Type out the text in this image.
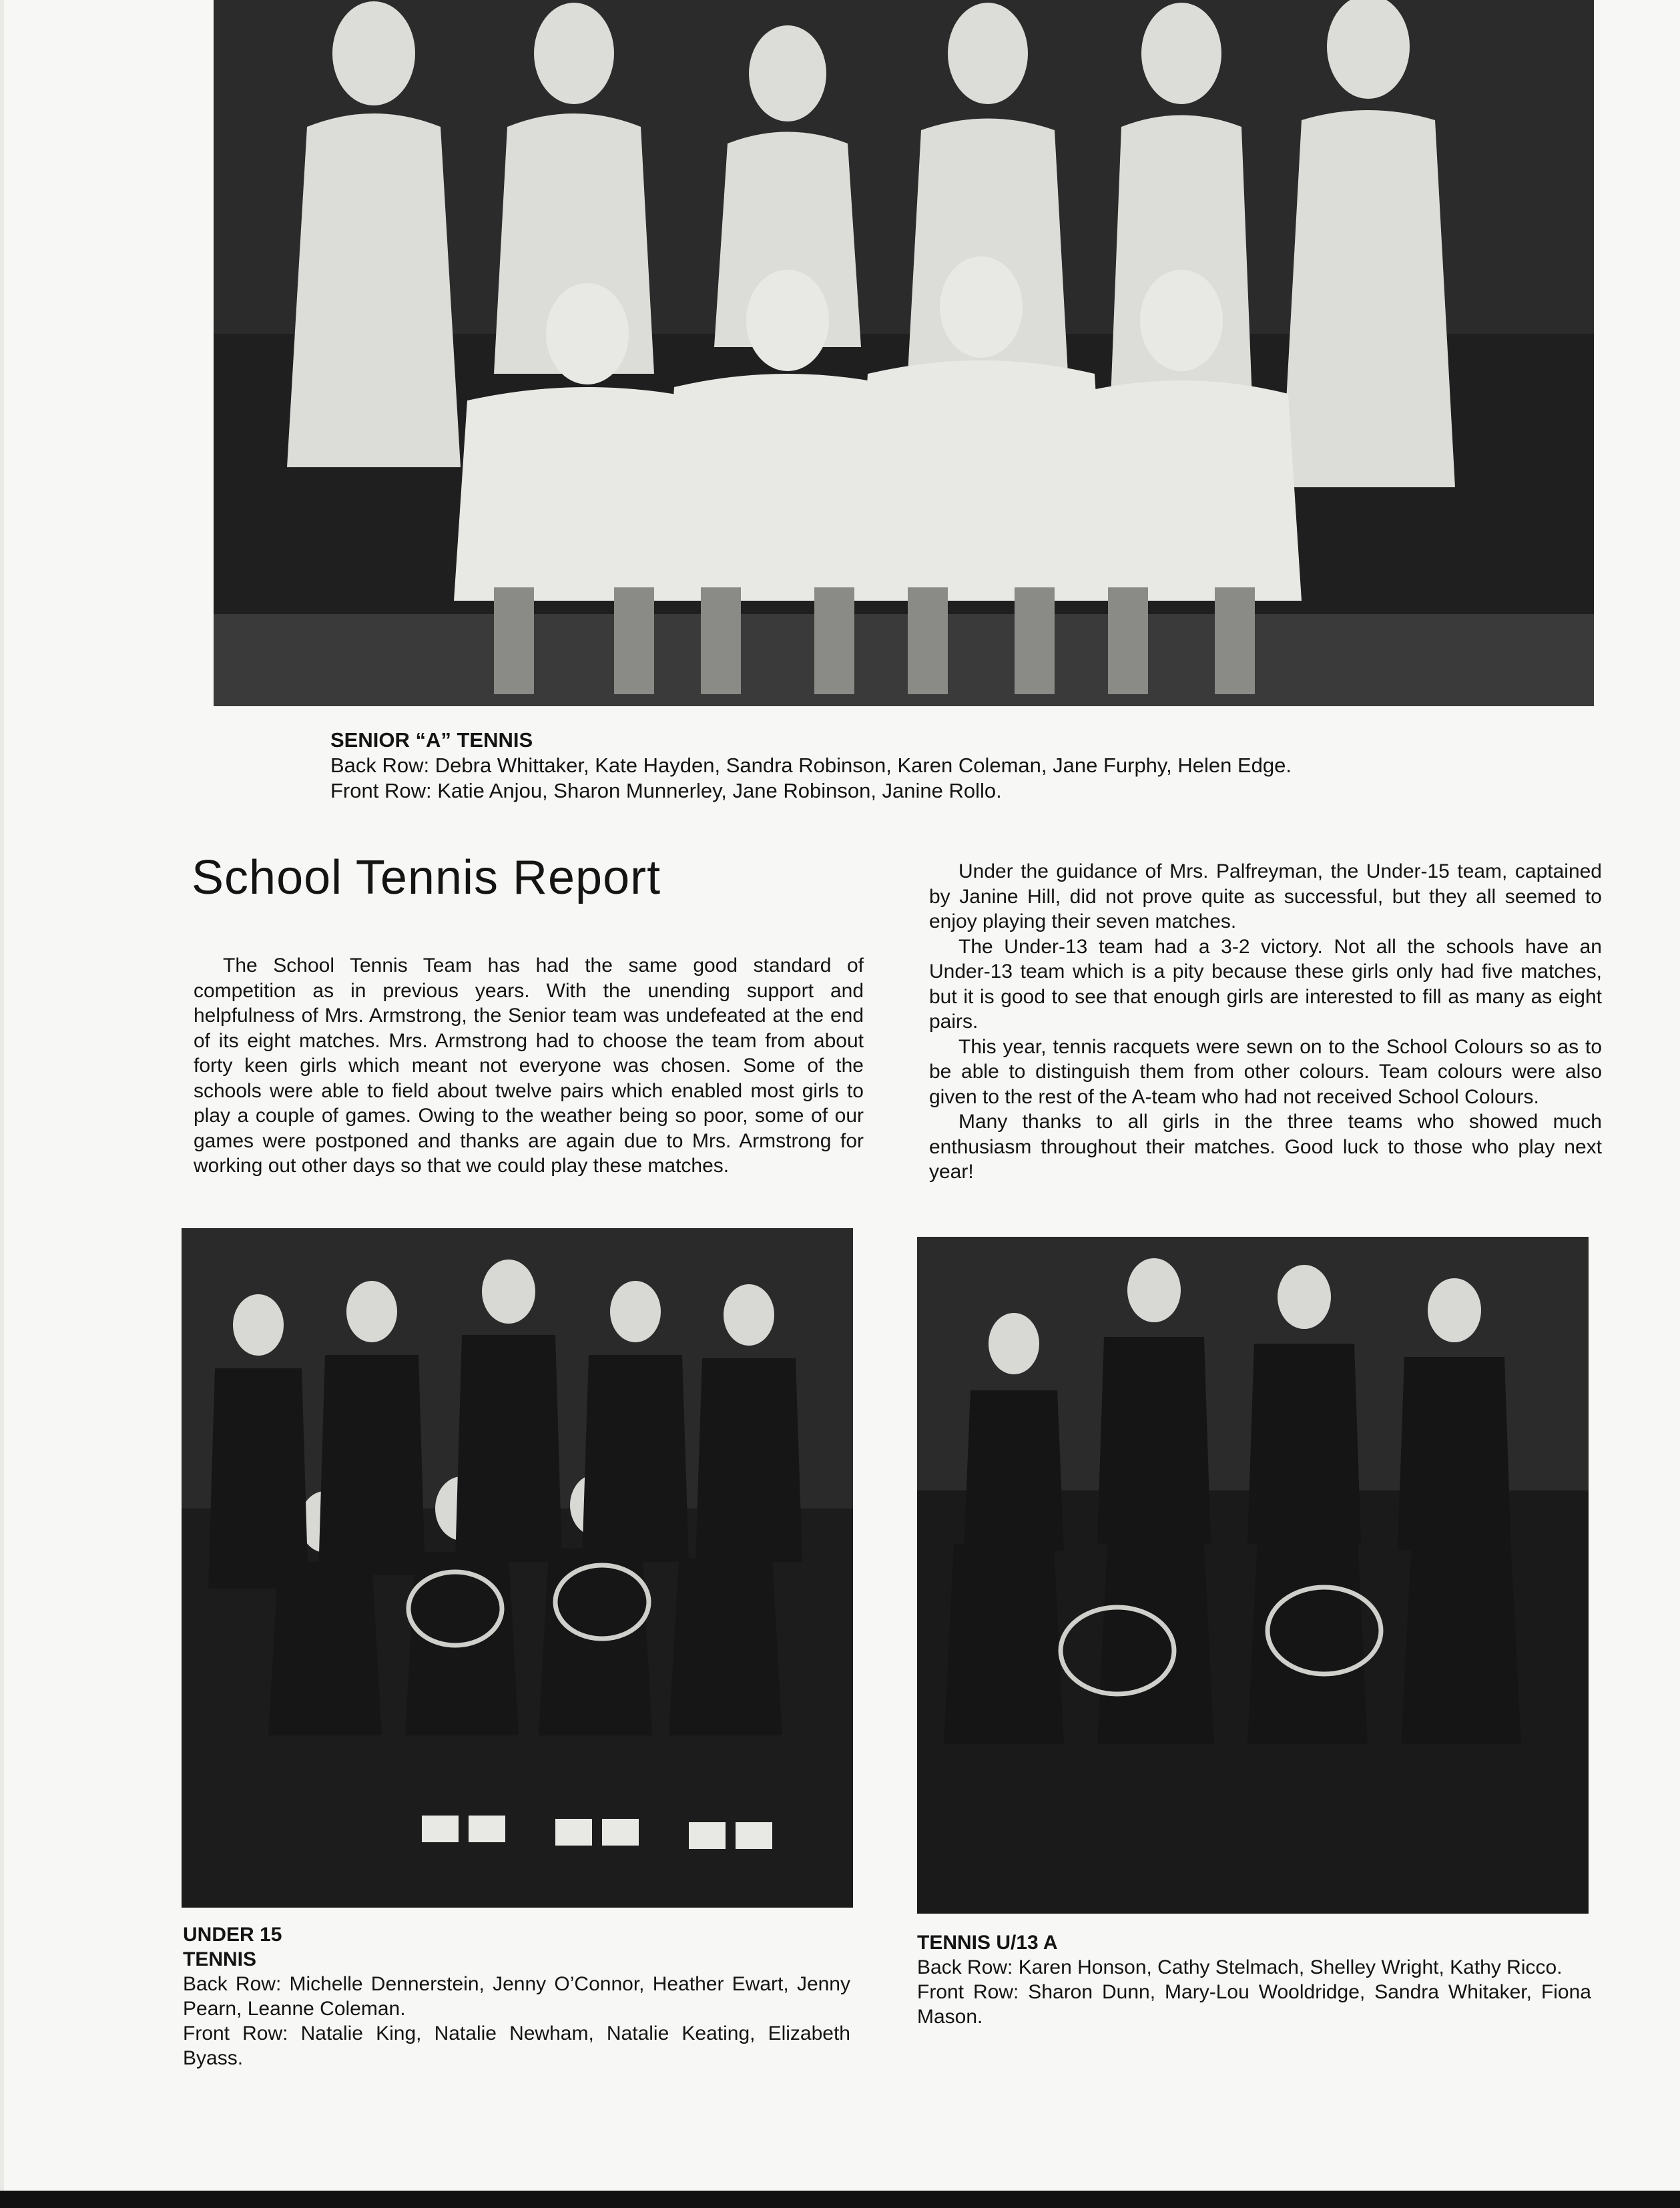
SENIOR “A” TENNIS
Back Row: Debra Whittaker, Kate Hayden, Sandra Robinson, Karen Coleman, Jane Furphy, Helen Edge.
Front Row: Katie Anjou, Sharon Munnerley, Jane Robinson, Janine Rollo.
School Tennis Report

The School Tennis Team has had the same good standard of competition as in previous years. With the unending support and helpfulness of Mrs. Armstrong, the Senior team was undefeated at the end of its eight matches. Mrs. Armstrong had to choose the team from about forty keen girls which meant not everyone was chosen. Some of the schools were able to field about twelve pairs which enabled most girls to play a couple of games. Owing to the weather being so poor, some of our games were postponed and thanks are again due to Mrs. Armstrong for working out other days so that we could play these matches.

Under the guidance of Mrs. Palfreyman, the Under-15 team, captained by Janine Hill, did not prove quite as successful, but they all seemed to enjoy playing their seven matches.

The Under-13 team had a 3-2 victory. Not all the schools have an Under-13 team which is a pity because these girls only had five matches, but it is good to see that enough girls are interested to fill as many as eight pairs.

This year, tennis racquets were sewn on to the School Colours so as to be able to distinguish them from other colours. Team colours were also given to the rest of the A-team who had not received School Colours.

Many thanks to all girls in the three teams who showed much enthusiasm throughout their matches. Good luck to those who play next year!

UNDER 15
TENNIS
Back Row: Michelle Dennerstein, Jenny O’Connor, Heather Ewart, Jenny Pearn, Leanne Coleman.
Front Row: Natalie King, Natalie Newham, Natalie Keating, Elizabeth Byass.
TENNIS U/13 A
Back Row: Karen Honson, Cathy Stelmach, Shelley Wright, Kathy Ricco.
Front Row: Sharon Dunn, Mary-Lou Wooldridge, Sandra Whitaker, Fiona Mason.
